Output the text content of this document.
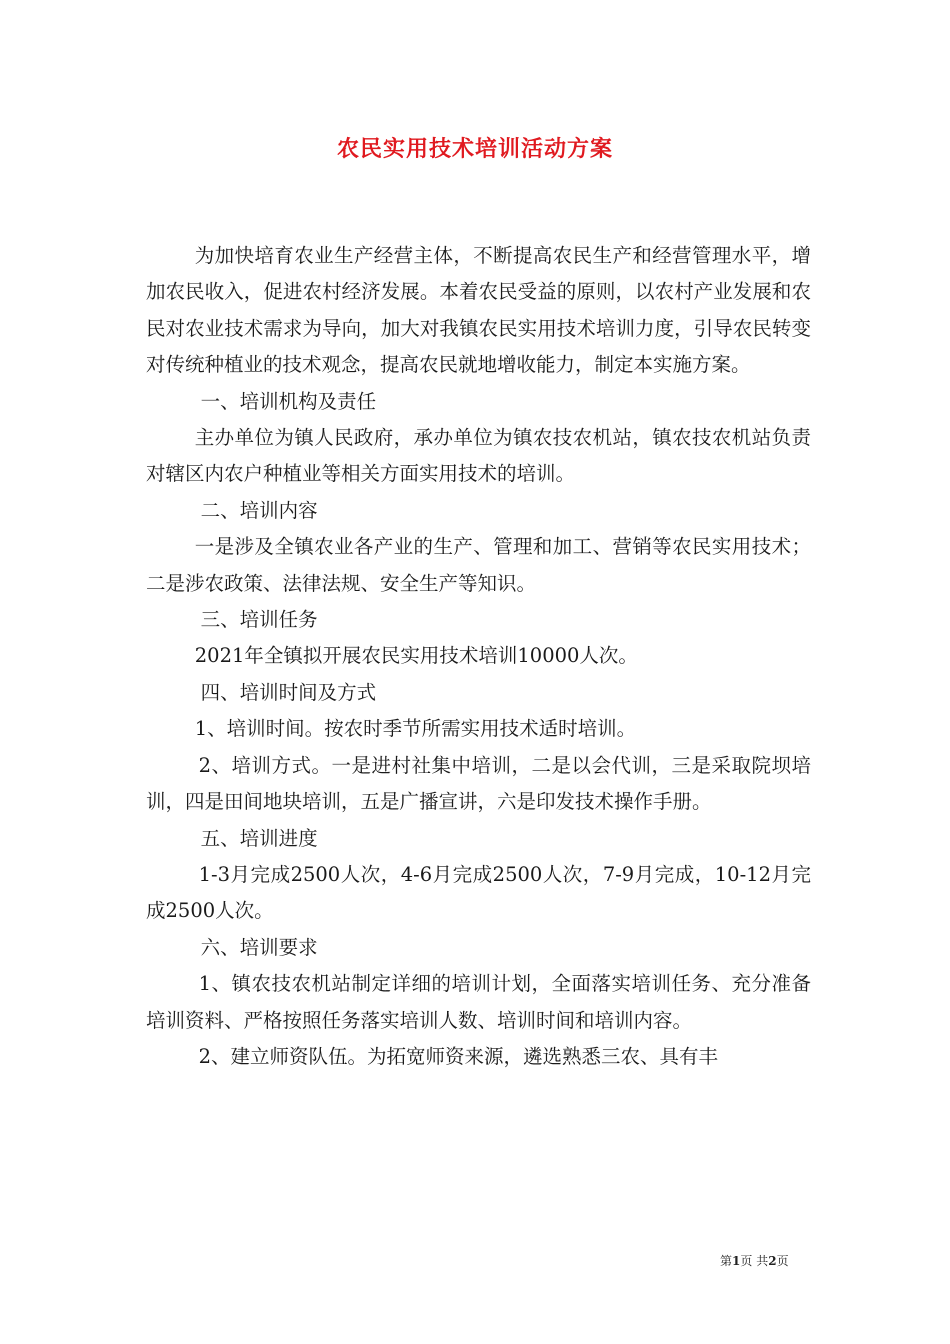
农民实用技术培训活动方案

为加快培育农业生产经营主体，不断提高农民生产和经营管理水平，增加农民收入，促进农村经济发展。本着农民受益的原则，以农村产业发展和农民对农业技术需求为导向，加大对我镇农民实用技术培训力度，引导农民转变对传统种植业的技术观念，提高农民就地增收能力，制定本实施方案。

一、培训机构及责任

主办单位为镇人民政府，承办单位为镇农技农机站，镇农技农机站负责对辖区内农户种植业等相关方面实用技术的培训。

二、培训内容

一是涉及全镇农业各产业的生产、管理和加工、营销等农民实用技术；二是涉农政策、法律法规、安全生产等知识。

三、培训任务

2021年全镇拟开展农民实用技术培训10000人次。

四、培训时间及方式

1、培训时间。按农时季节所需实用技术适时培训。

2、培训方式。一是进村社集中培训，二是以会代训，三是采取院坝培训，四是田间地块培训，五是广播宣讲，六是印发技术操作手册。

五、培训进度

1-3月完成2500人次，4-6月完成2500人次，7-9月完成，10-12月完成2500人次。

六、培训要求

1、镇农技农机站制定详细的培训计划，全面落实培训任务、充分准备培训资料、严格按照任务落实培训人数、培训时间和培训内容。

2、建立师资队伍。为拓宽师资来源，遴选熟悉三农、具有丰

第1页 共2页
